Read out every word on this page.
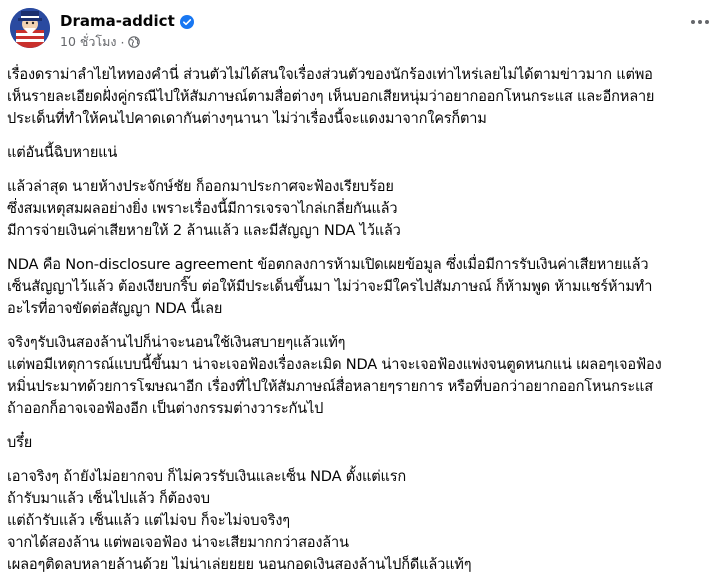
Drama-addict
10 ชั่วโมง ·
เรื่องดราม่าลำไยไหทองคำนี่ ส่วนตัวไม่ได้สนใจเรื่องส่วนตัวของนักร้องเท่าไหร่เลยไม่ได้ตามข่าวมาก แต่พอ
เห็นรายละเอียดฝั่งคู่กรณีไปให้สัมภาษณ์ตามสื่อต่างๆ เห็นบอกเสียหนุ่มว่าอยากออกโหนกระแส และอีกหลาย
ประเด็นที่ทำให้คนไปคาดเดากันต่างๆนานา ไม่ว่าเรื่องนี้จะแดงมาจากใครก็ตาม
แต่อันนี้ฉิบหายแน่
แล้วล่าสุด นายห้างประจักษ์ชัย ก็ออกมาประกาศจะฟ้องเรียบร้อย
ซึ่งสมเหตุสมผลอย่างยิ่ง เพราะเรื่องนี้มีการเจรจาไกล่เกลี่ยกันแล้ว
มีการจ่ายเงินค่าเสียหายให้ 2 ล้านแล้ว และมีสัญญา NDA ไว้แล้ว
NDA คือ Non-disclosure agreement ข้อตกลงการห้ามเปิดเผยข้อมูล ซึ่งเมื่อมีการรับเงินค่าเสียหายแล้ว
เซ็นสัญญาไว้แล้ว ต้องเงียบกริ๊บ ต่อให้มีประเด็นขึ้นมา ไม่ว่าจะมีใครไปสัมภาษณ์ ก็ห้ามพูด ห้ามแชร์ห้ามทำ
อะไรที่อาจขัดต่อสัญญา NDA นี้เลย
จริงๆรับเงินสองล้านไปก็น่าจะนอนใช้เงินสบายๆแล้วแท้ๆ
แต่พอมีเหตุการณ์แบบนี้ขึ้นมา น่าจะเจอฟ้องเรื่องละเมิด NDA น่าจะเจอฟ้องแพ่งจนตูดหนกแน่ เผลอๆเจอฟ้อง
หมิ่นประมาทด้วยการโฆษณาอีก เรื่องที่ไปให้สัมภาษณ์สื่อหลายๆรายการ หรือที่บอกว่าอยากออกโหนกระแส
ถ้าออกก็อาจเจอฟ้องอีก เป็นต่างกรรมต่างวาระกันไป
บรึ๋ย
เอาจริงๆ ถ้ายังไม่อยากจบ ก็ไม่ควรรับเงินและเซ็น NDA ตั้งแต่แรก
ถ้ารับมาแล้ว เซ็นไปแล้ว ก็ต้องจบ
แต่ถ้ารับแล้ว เซ็นแล้ว แต่ไม่จบ ก็จะไม่จบจริงๆ
จากได้สองล้าน แต่พอเจอฟ้อง น่าจะเสียมากกว่าสองล้าน
เผลอๆติดลบหลายล้านด้วย ไม่น่าเล่ยยยย นอนกอดเงินสองล้านไปก็ดีแล้วแท้ๆ
